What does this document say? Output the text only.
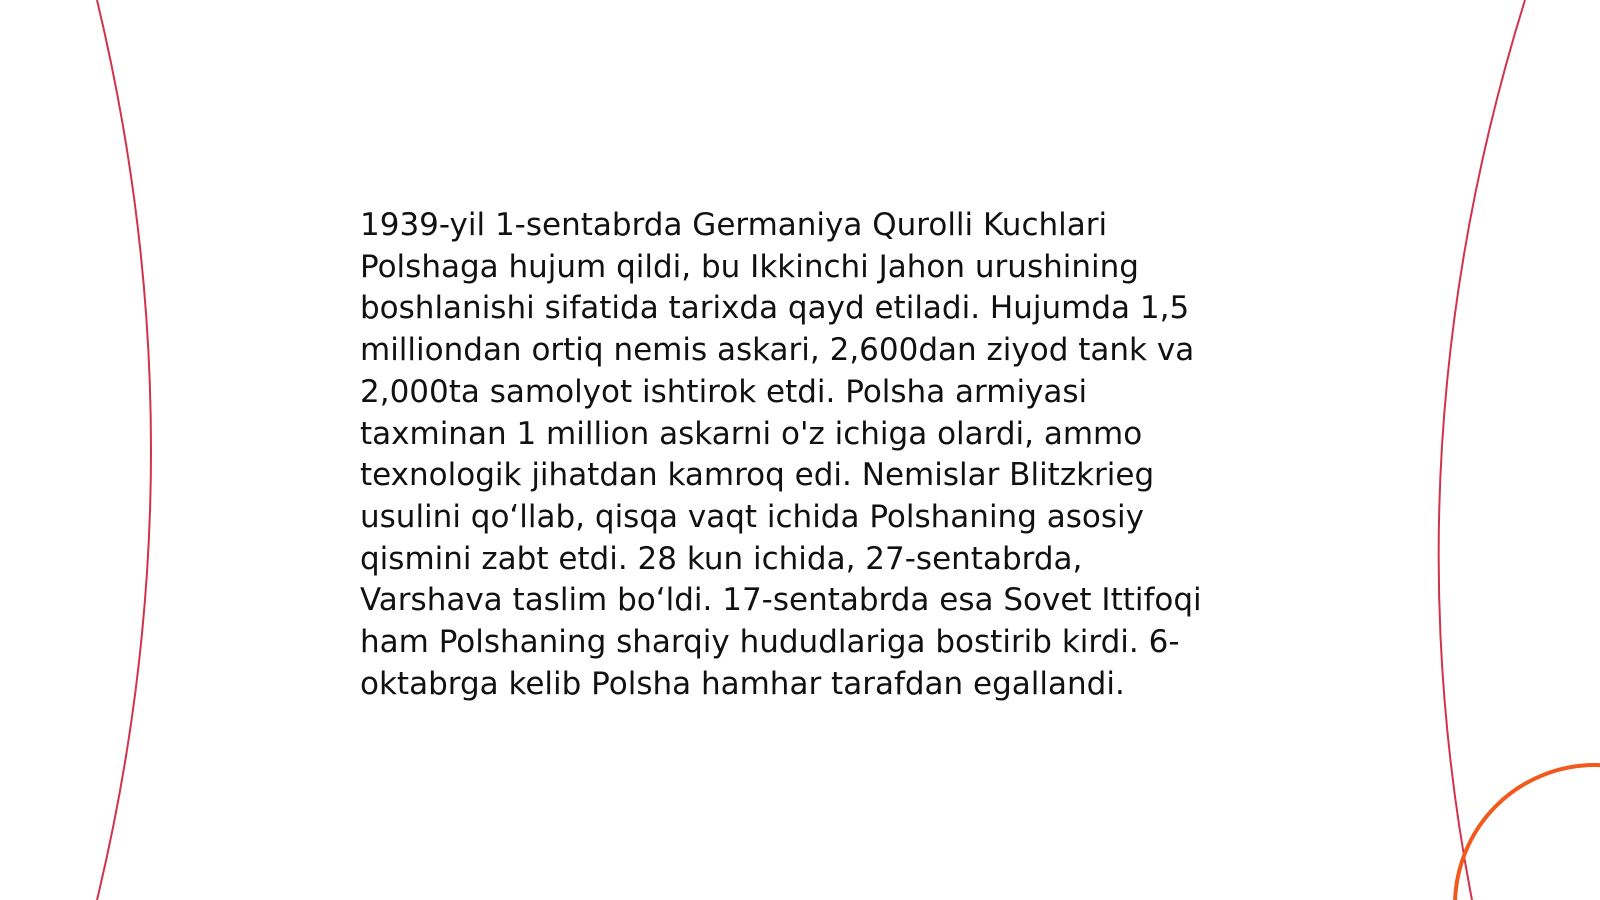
1939-yil 1-sentabrda Germaniya Qurolli Kuchlari
Polshaga hujum qildi, bu Ikkinchi Jahon urushining
boshlanishi sifatida tarixda qayd etiladi. Hujumda 1,5
milliondan ortiq nemis askari, 2,600dan ziyod tank va
2,000ta samolyot ishtirok etdi. Polsha armiyasi
taxminan 1 million askarni o'z ichiga olardi, ammo
texnologik jihatdan kamroq edi. Nemislar Blitzkrieg
usulini qo‘llab, qisqa vaqt ichida Polshaning asosiy
qismini zabt etdi. 28 kun ichida, 27-sentabrda,
Varshava taslim bo‘ldi. 17-sentabrda esa Sovet Ittifoqi
ham Polshaning sharqiy hududlariga bostirib kirdi. 6-
oktabrga kelib Polsha hamhar tarafdan egallandi.
